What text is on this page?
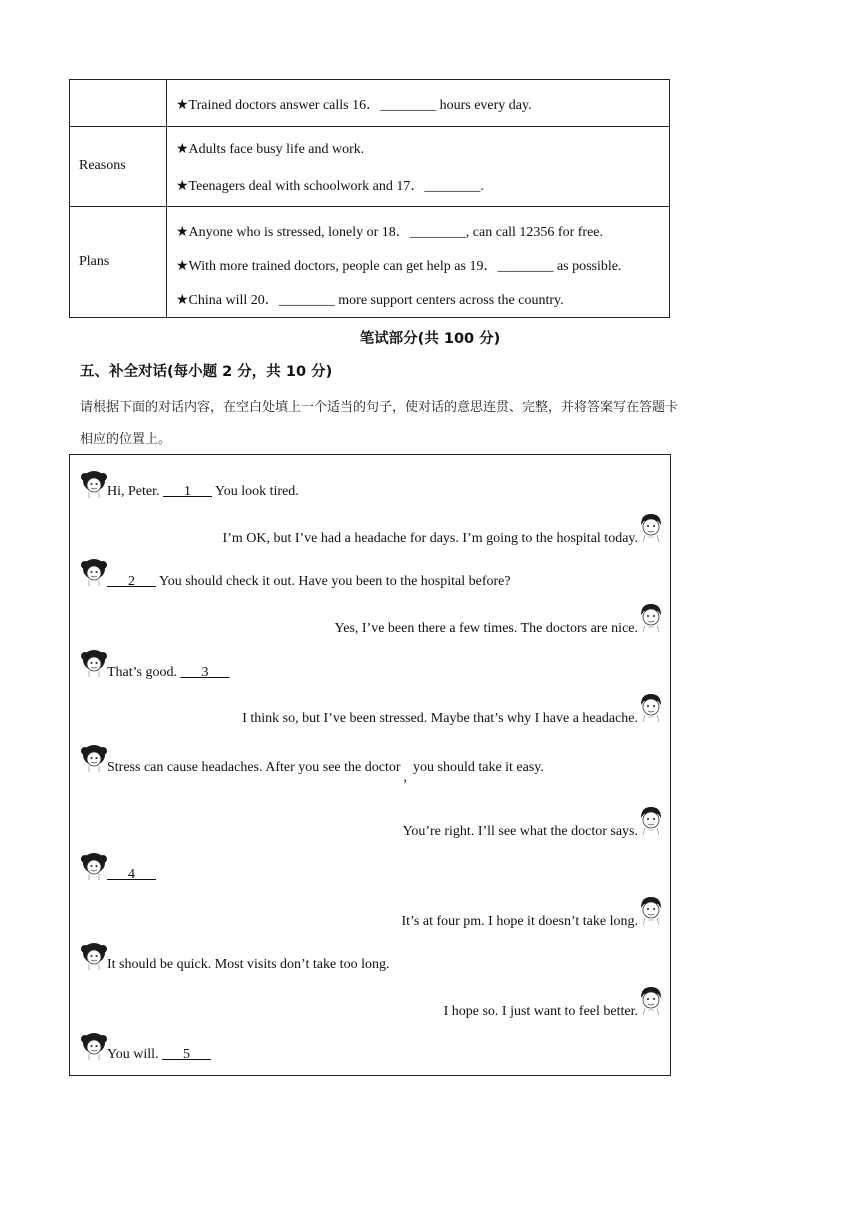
★Trained doctors answer calls 16．________ hours every day.
Reasons
★Adults face busy life and work.
★Teenagers deal with schoolwork and 17．________.
Plans
★Anyone who is stressed, lonely or 18．________, can call 12356 for free.
★With more trained doctors, people can get help as 19．________ as possible.
★China will 20．________ more support centers across the country.
笔试部分(共 100 分)
五、补全对话(每小题 2 分，共 10 分)
请根据下面的对话内容，在空白处填上一个适当的句子，使对话的意思连贯、完整，并将答案写在答题卡
相应的位置上。
Hi, Peter.       1       You look tired.
I’m OK, but I’ve had a headache for days. I’m going to the hospital today.
2       You should check it out. Have you been to the hospital before?
Yes, I’ve been there a few times. The doctors are nice.
That’s good.       3
I think so, but I’ve been stressed. Maybe that’s why I have a headache.
Stress can cause headaches. After you see the doctor,you should take it easy.
You’re right. I’ll see what the doctor says.
4
It’s at four pm. I hope it doesn’t take long.
It should be quick. Most visits don’t take too long.
I hope so. I just want to feel better.
You will.       5
